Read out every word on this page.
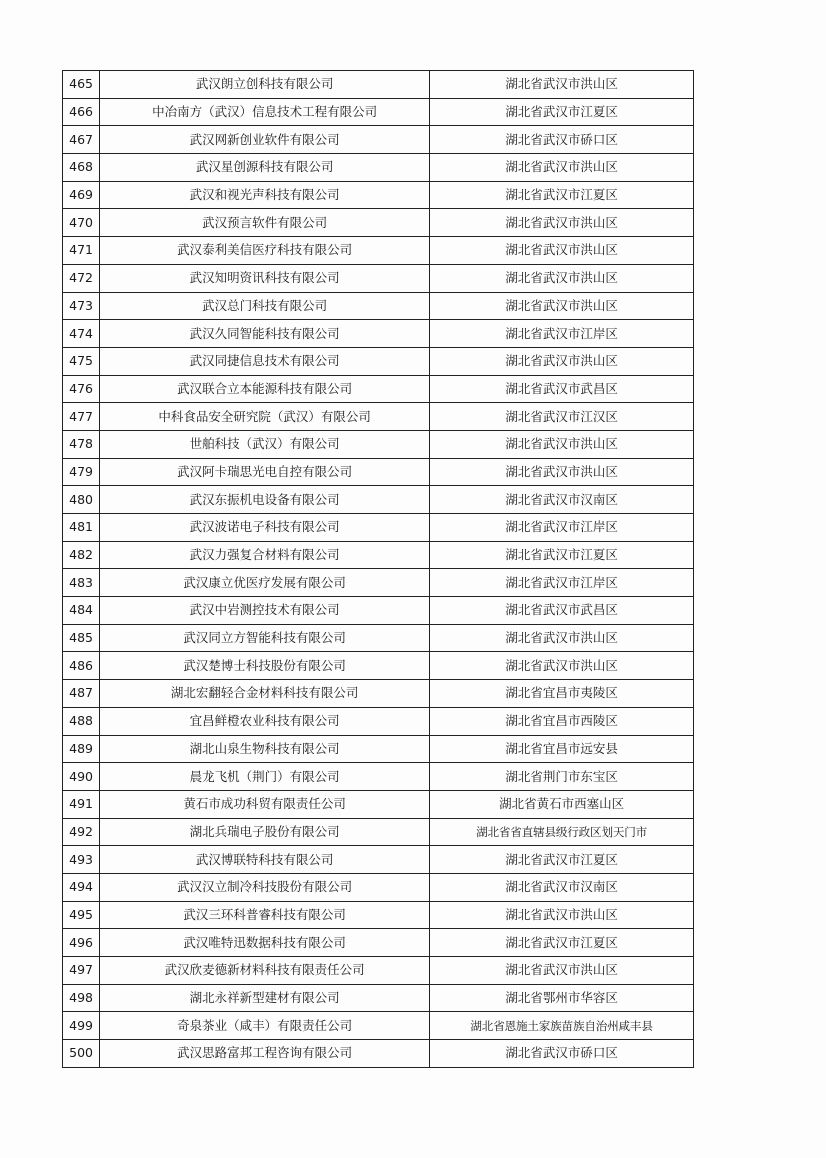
465	武汉朗立创科技有限公司	湖北省武汉市洪山区
466	中冶南方（武汉）信息技术工程有限公司	湖北省武汉市江夏区
467	武汉网新创业软件有限公司	湖北省武汉市硚口区
468	武汉星创源科技有限公司	湖北省武汉市洪山区
469	武汉和视光声科技有限公司	湖北省武汉市江夏区
470	武汉预言软件有限公司	湖北省武汉市洪山区
471	武汉泰利美信医疗科技有限公司	湖北省武汉市洪山区
472	武汉知明资讯科技有限公司	湖北省武汉市洪山区
473	武汉总门科技有限公司	湖北省武汉市洪山区
474	武汉久同智能科技有限公司	湖北省武汉市江岸区
475	武汉同捷信息技术有限公司	湖北省武汉市洪山区
476	武汉联合立本能源科技有限公司	湖北省武汉市武昌区
477	中科食品安全研究院（武汉）有限公司	湖北省武汉市江汉区
478	世舶科技（武汉）有限公司	湖北省武汉市洪山区
479	武汉阿卡瑞思光电自控有限公司	湖北省武汉市洪山区
480	武汉东振机电设备有限公司	湖北省武汉市汉南区
481	武汉波诺电子科技有限公司	湖北省武汉市江岸区
482	武汉力强复合材料有限公司	湖北省武汉市江夏区
483	武汉康立优医疗发展有限公司	湖北省武汉市江岸区
484	武汉中岩测控技术有限公司	湖北省武汉市武昌区
485	武汉同立方智能科技有限公司	湖北省武汉市洪山区
486	武汉楚博士科技股份有限公司	湖北省武汉市洪山区
487	湖北宏翻轻合金材料科技有限公司	湖北省宜昌市夷陵区
488	宜昌鲜橙农业科技有限公司	湖北省宜昌市西陵区
489	湖北山泉生物科技有限公司	湖北省宜昌市远安县
490	晨龙飞机（荆门）有限公司	湖北省荆门市东宝区
491	黄石市成功科贸有限责任公司	湖北省黄石市西塞山区
492	湖北兵瑞电子股份有限公司	湖北省省直辖县级行政区划天门市
493	武汉博联特科技有限公司	湖北省武汉市江夏区
494	武汉汉立制冷科技股份有限公司	湖北省武汉市汉南区
495	武汉三环科普睿科技有限公司	湖北省武汉市洪山区
496	武汉唯特迅数据科技有限公司	湖北省武汉市江夏区
497	武汉欣麦德新材料科技有限责任公司	湖北省武汉市洪山区
498	湖北永祥新型建材有限公司	湖北省鄂州市华容区
499	奇泉茶业（咸丰）有限责任公司	湖北省恩施土家族苗族自治州咸丰县
500	武汉思路富邦工程咨询有限公司	湖北省武汉市硚口区
